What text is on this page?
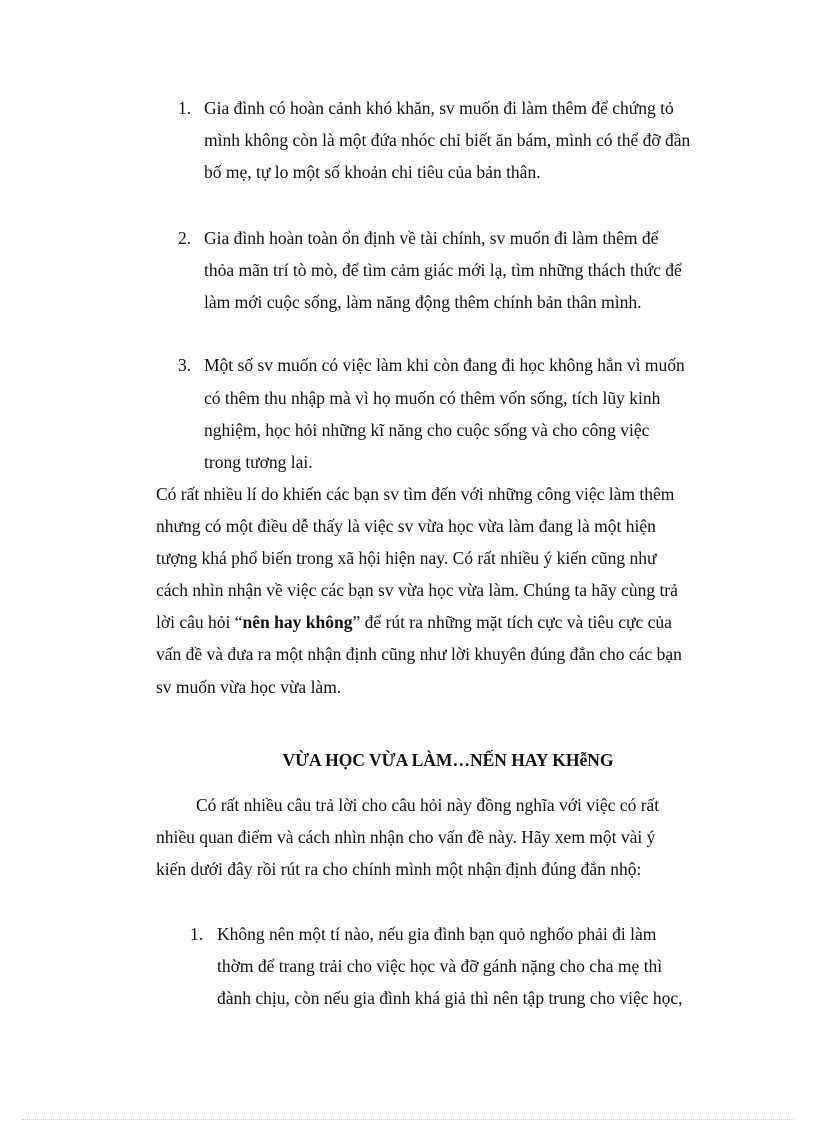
1. Gia đình có hoàn cảnh khó khăn, sv muốn đi làm thêm để chứng tỏ
mình không còn là một đứa nhóc chỉ biết ăn bám, mình có thể đỡ đần
bố mẹ, tự lo một số khoản chi tiêu của bản thân.
2. Gia đình hoàn toàn ổn định về tài chính, sv muốn đi làm thêm để
thỏa mãn trí tò mò, để tìm cảm giác mới lạ, tìm những thách thức để
làm mới cuộc sống, làm năng động thêm chính bản thân mình.
3. Một số sv muốn có việc làm khi còn đang đi học không hẳn vì muốn
có thêm thu nhập mà vì họ muốn có thêm vốn sống, tích lũy kinh
nghiệm, học hỏi những kĩ năng cho cuộc sống và cho công việc
trong tương lai.
Có rất nhiều lí do khiến các bạn sv tìm đến với những công việc làm thêm
nhưng có một điều dễ thấy là việc sv vừa học vừa làm đang là một hiện
tượng khá phổ biến trong xã hội hiện nay. Có rất nhiều ý kiến cũng như
cách nhìn nhận về việc các bạn sv vừa học vừa làm. Chúng ta hãy cùng trả
lời câu hỏi “nên hay không” để rút ra những mặt tích cực và tiêu cực của
vấn đề và đưa ra một nhận định cũng như lời khuyên đúng đắn cho các bạn
sv muốn vừa học vừa làm.
VỪA HỌC VỪA LÀM…NẾN HAY KHễNG
Có rất nhiều câu trả lời cho câu hỏi này đồng nghĩa với việc có rất
nhiều quan điểm và cách nhìn nhận cho vấn đề này. Hãy xem một vài ý
kiến dưới đây rồi rút ra cho chính mình một nhận định đúng đắn nhộ:
1. Không nên một tí nào, nếu gia đình bạn quỏ nghốo phải đi làm
thờm để trang trải cho việc học và đỡ gánh nặng cho cha mẹ thì
đành chịu, còn nếu gia đình khá giả thì nên tập trung cho việc học,
